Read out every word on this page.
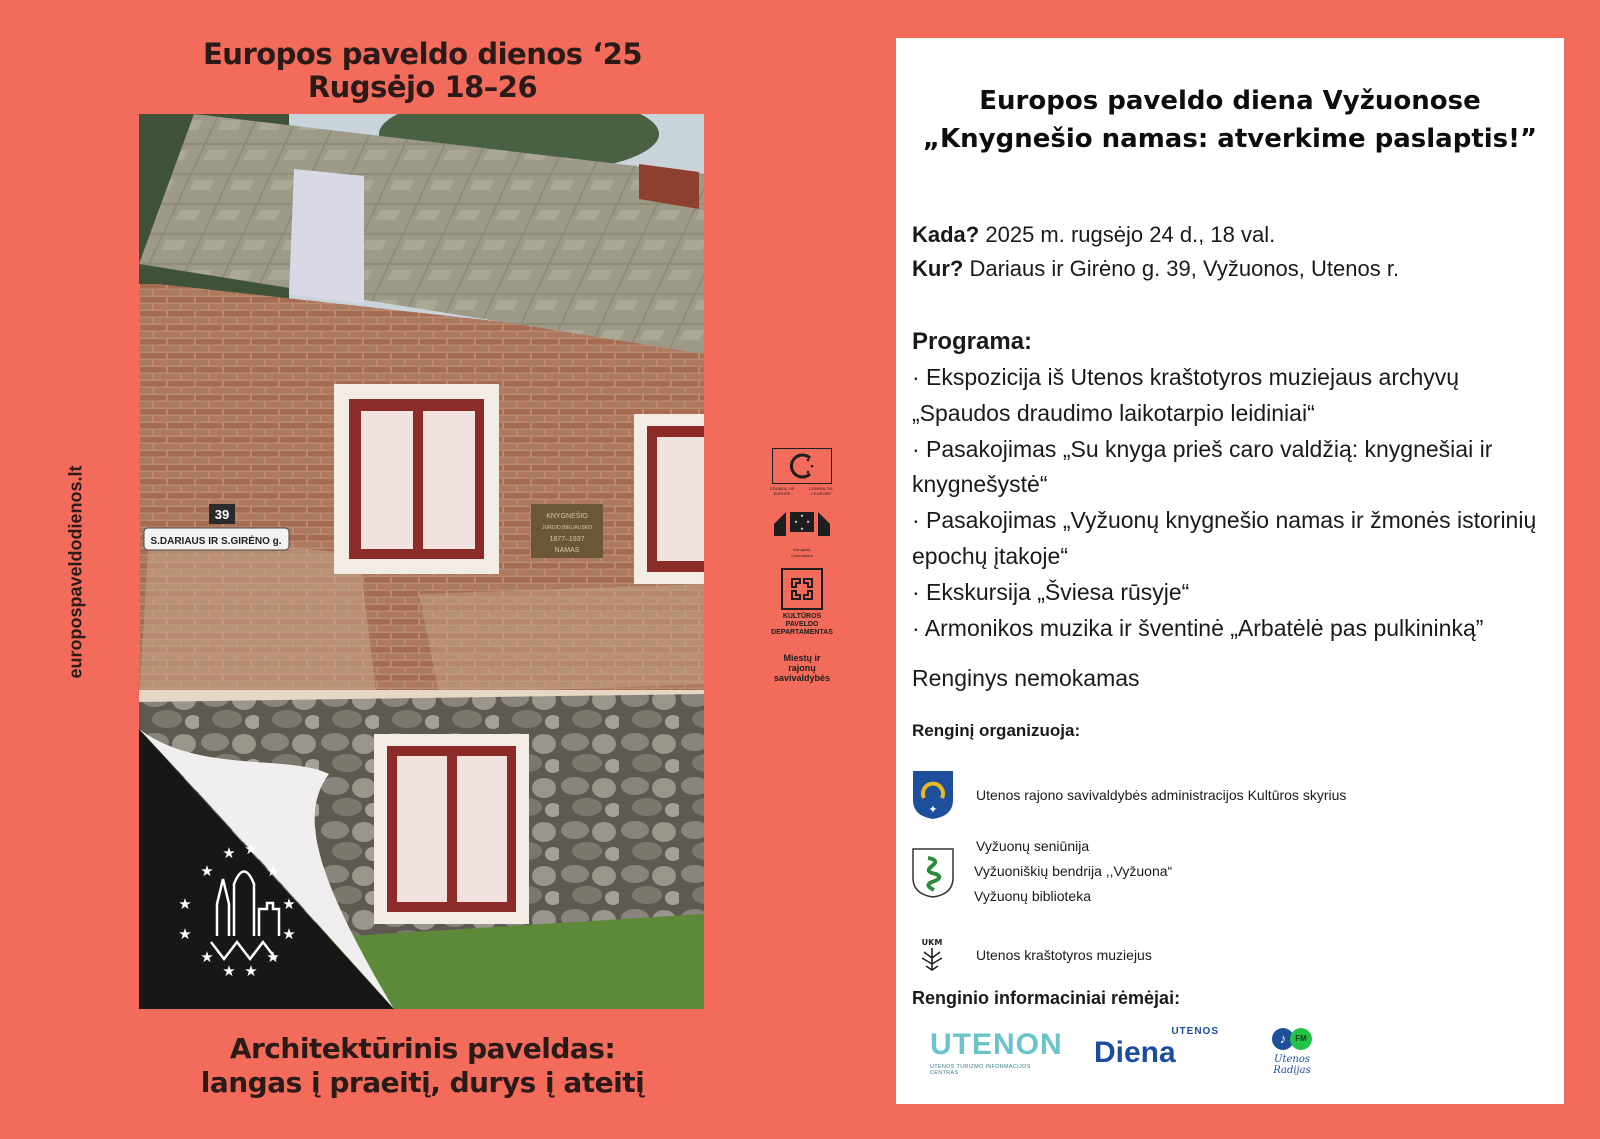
Europos paveldo dienos ‘25
Rugsėjo 18–26
europospaveldodienos.lt	39
S.DARIAUS IR S.GIRĖNO g.
KNYGNEŠIO
JURGIO BIELIAUSKO
1877–1937
NAMAS
★ ★
★	★
★	★
★	★
★	★
★ ★
Architektūrinis paveldas:
langas į praeitį, durys į ateitį
COUNCIL OF EUROPE
CONSEIL DE L'EUROPE
★
★
★
★
European
Commission
KULTŪROS PAVELDO DEPARTAMENTAS
Miestų ir rajonų savivaldybės
Europos paveldo diena Vyžuonose
„Knygnešio namas: atverkime paslaptis!”
Kada? 2025 m. rugsėjo 24 d., 18 val.
Kur? Dariaus ir Girėno g. 39, Vyžuonos, Utenos r.
Programa:
· Ekspozicija iš Utenos kraštotyros muziejaus archyvų „Spaudos draudimo laikotarpio leidiniai“
· Pasakojimas „Su knyga prieš caro valdžią: knygnešiai ir knygnešystė“
· Pasakojimas „Vyžuonų knygnešio namas ir žmonės istorinių epochų įtakoje“
· Ekskursija „Šviesa rūsyje“
· Armonikos muzika ir šventinė „Arbatėlė pas pulkininką”
Renginys nemokamas
Renginį organizuoja:
✦
Utenos rajono savivaldybės administracijos Kultūros skyrius
Vyžuonų seniūnija
Vyžuoniškių bendrija ,,Vyžuona“
Vyžuonų biblioteka
UKM
Utenos kraštotyros muziejus
Renginio informaciniai rėmėjai:
UTENON
UTENOS TURIZMO INFORMACIJOS CENTRAS
UTENOS
Diena	♪	FM
Utenos Radijas
